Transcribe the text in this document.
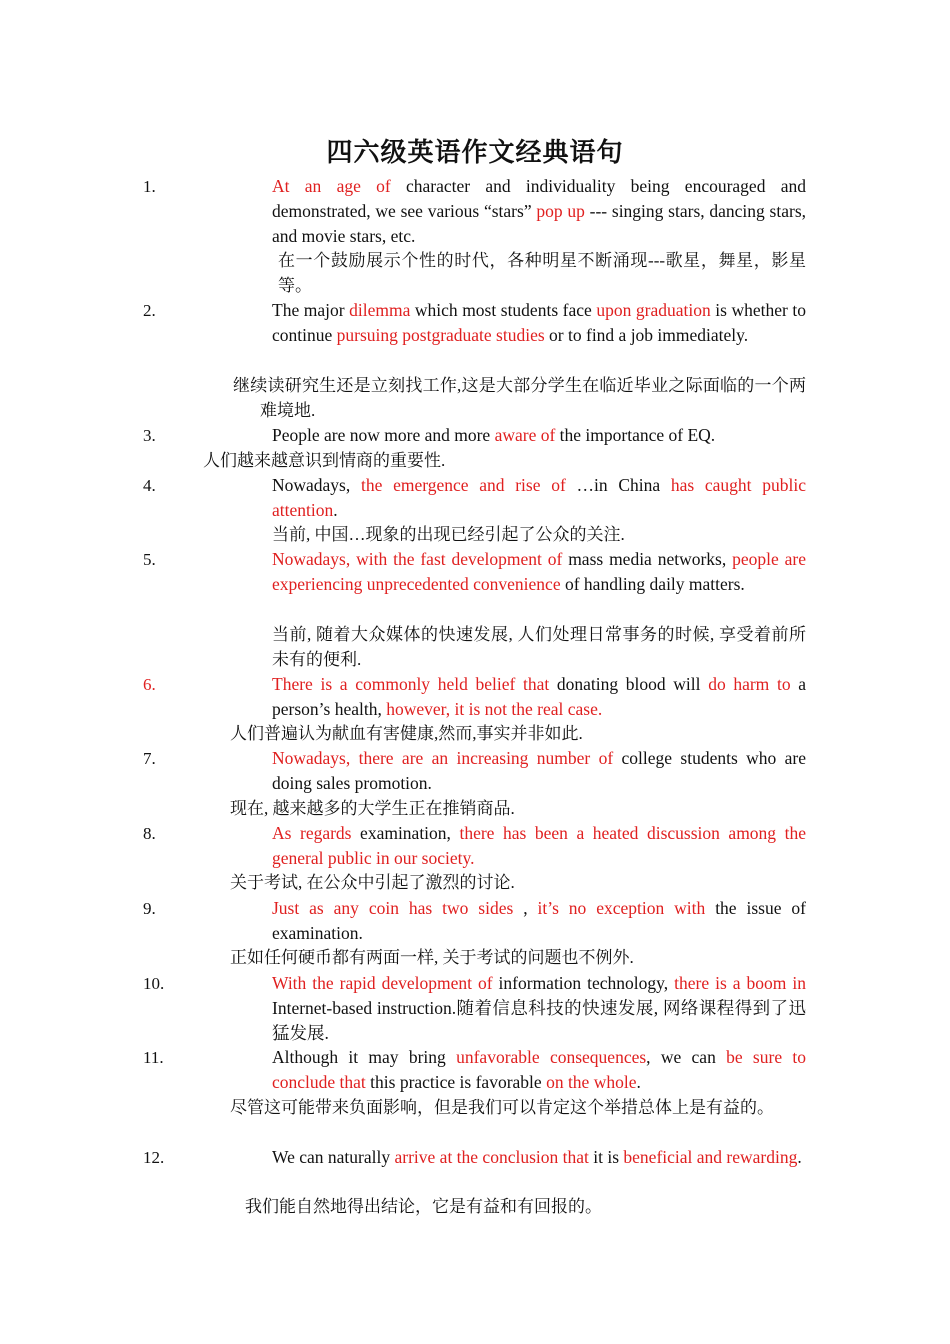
四六级英语作文经典语句
1.	At an age of character and individuality being encouraged and demonstrated, we see various “stars” pop up --- singing stars, dancing stars, and movie stars, etc.
在一个鼓励展示个性的时代，各种明星不断涌现---歌星，舞星，影星等。
2.	The major dilemma which most students face upon graduation is whether to continue pursuing postgraduate studies or to find a job immediately.
继续读研究生还是立刻找工作,这是大部分学生在临近毕业之际面临的一个两难境地.
3.	People are now more and more aware of the importance of EQ.
人们越来越意识到情商的重要性.
4.	Nowadays, the emergence and rise of …in China has caught public attention.
当前, 中国…现象的出现已经引起了公众的关注.
5.	Nowadays, with the fast development of mass media networks, people are experiencing unprecedented convenience of handling daily matters.
当前, 随着大众媒体的快速发展, 人们处理日常事务的时候, 享受着前所未有的便利.
6.	There is a commonly held belief that donating blood will do harm to a person’s health, however, it is not the real case.
人们普遍认为献血有害健康,然而,事实并非如此.
7.	Nowadays, there are an increasing number of college students who are doing sales promotion.
现在, 越来越多的大学生正在推销商品.
8.	As regards examination, there has been a heated discussion among the general public in our society.
关于考试, 在公众中引起了激烈的讨论.
9.	Just as any coin has two sides , it’s no exception with the issue of examination.
正如任何硬币都有两面一样, 关于考试的问题也不例外.
10.	With the rapid development of information technology, there is a boom in Internet-based instruction.随着信息科技的快速发展, 网络课程得到了迅猛发展.
11.	Although it may bring unfavorable consequences, we can be sure to conclude that this practice is favorable on the whole.
尽管这可能带来负面影响，但是我们可以肯定这个举措总体上是有益的。
12.	We can naturally arrive at the conclusion that it is beneficial and rewarding.
我们能自然地得出结论，它是有益和有回报的。
